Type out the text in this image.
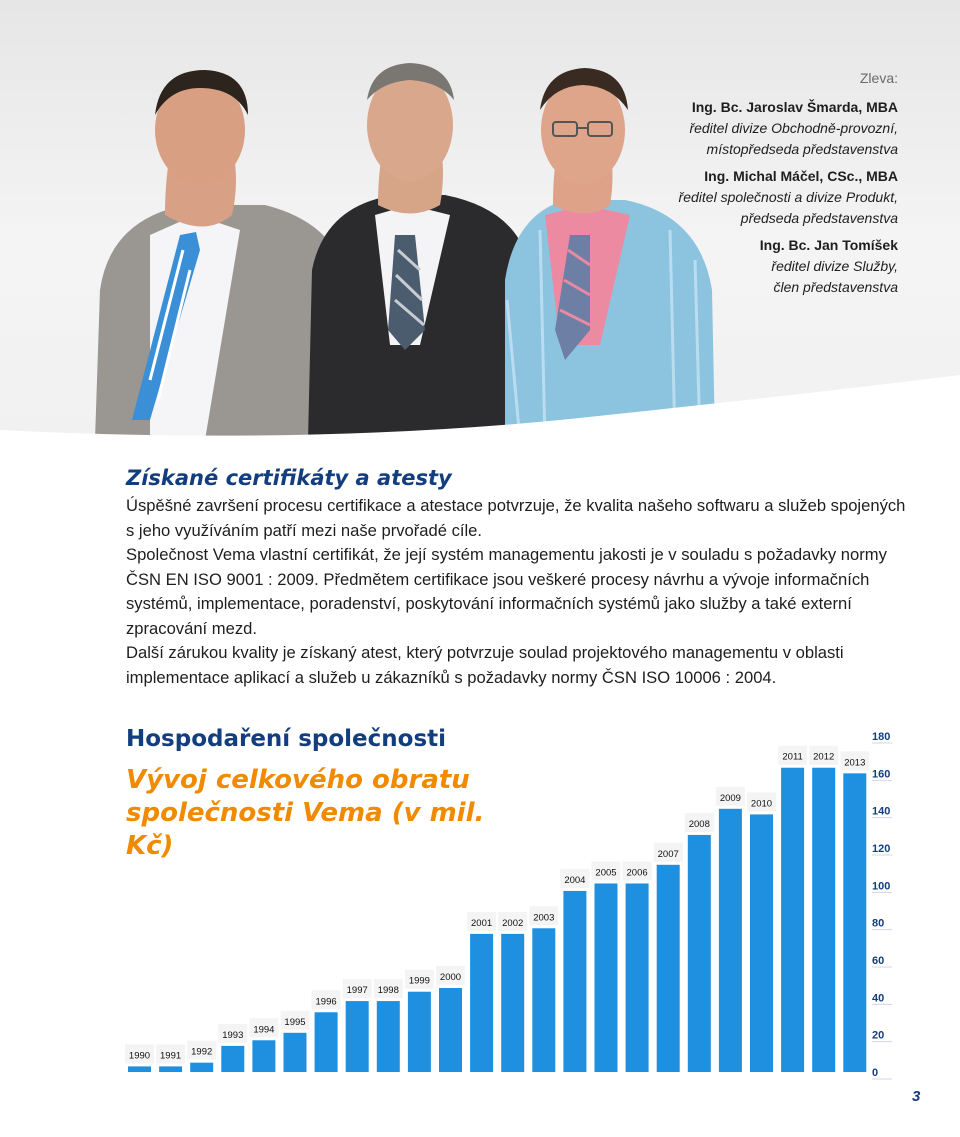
Zleva:
Ing. Bc. Jaroslav Šmarda, MBA
ředitel divize Obchodně-provozní,
místopředseda představenstva
Ing. Michal Máčel, CSc., MBA
ředitel společnosti a divize Produkt,
předseda představenstva
Ing. Bc. Jan Tomíšek
ředitel divize Služby,
člen představenstva
Získané certifikáty a atesty

Úspěšné završení procesu certifikace a atestace potvrzuje, že kvalita našeho softwaru a služeb spojených s jeho využíváním patří mezi naše prvořadé cíle.

Společnost Vema vlastní certifikát, že její systém managementu jakosti je v souladu s požadavky normy ČSN EN ISO 9001 : 2009. Předmětem certifikace jsou veškeré procesy návrhu a vývoje informačních systémů, implementace, poradenství, poskytování informačních systémů jako služby a také externí zpracování mezd.

Další zárukou kvality je získaný atest, který potvrzuje soulad projektového managementu v oblasti implementace aplikací a služeb u zákazníků s požadavky normy ČSN ISO 10006 : 2004.

Hospodaření společnosti
Vývoj celkového obratu společnosti Vema (v mil. Kč)
1990 1991 1992
1993
1994
1995
1996
1997 1998
1999 2000
2001 2002
2003
2004
2005 2006
2007
2008
2009
2010
2011 2012
2013
0
20
40
60
80
100
120
140
160
180
3
